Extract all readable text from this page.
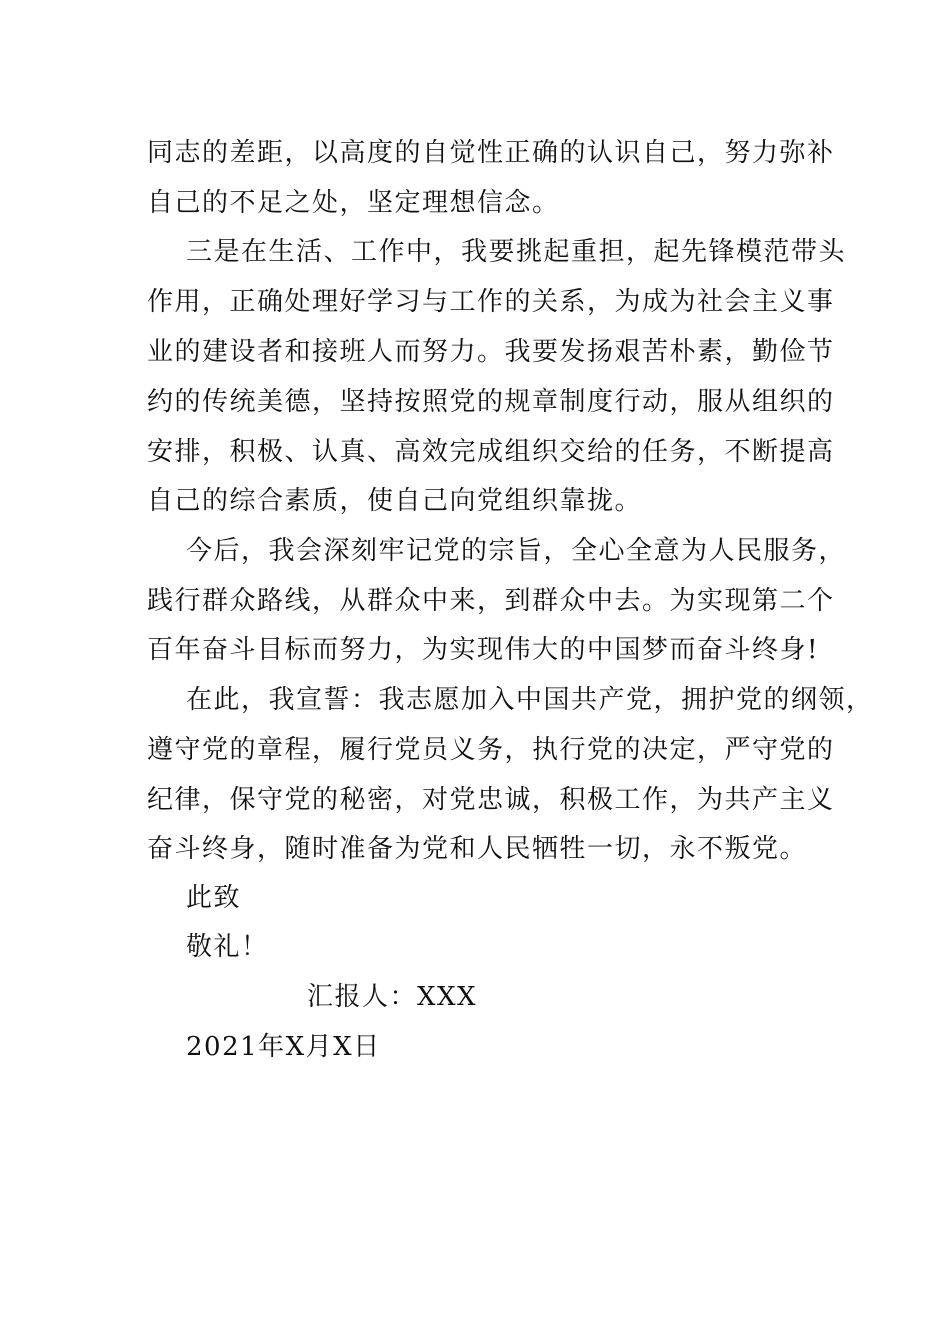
同志的差距，以高度的自觉性正确的认识自己，努力弥补
自己的不足之处，坚定理想信念。
三是在生活、工作中，我要挑起重担，起先锋模范带头
作用，正确处理好学习与工作的关系，为成为社会主义事
业的建设者和接班人而努力。我要发扬艰苦朴素，勤俭节
约的传统美德，坚持按照党的规章制度行动，服从组织的
安排，积极、认真、高效完成组织交给的任务，不断提高
自己的综合素质，使自己向党组织靠拢。
今后，我会深刻牢记党的宗旨，全心全意为人民服务，
践行群众路线，从群众中来，到群众中去。为实现第二个
百年奋斗目标而努力，为实现伟大的中国梦而奋斗终身!
在此，我宣誓：我志愿加入中国共产党，拥护党的纲领，
遵守党的章程，履行党员义务，执行党的决定，严守党的
纪律，保守党的秘密，对党忠诚，积极工作，为共产主义
奋斗终身，随时准备为党和人民牺牲一切，永不叛党。
此致
敬礼！
汇报人：XXX
2021年X月X日
